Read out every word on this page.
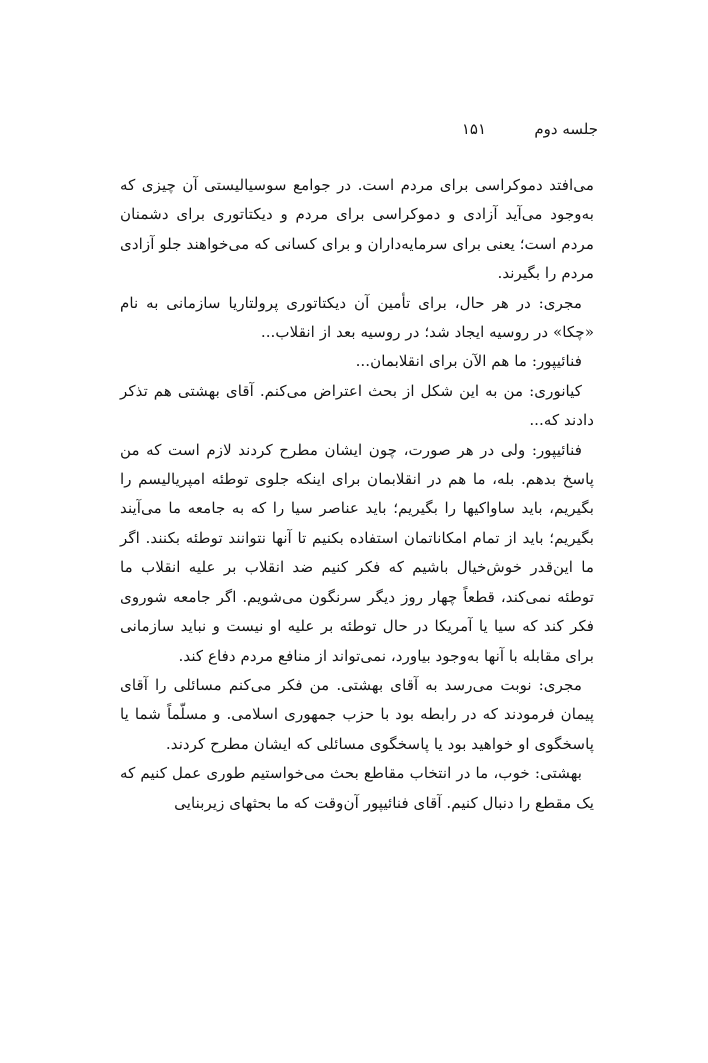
جلسه دوم
۱۵۱

می‌افتد دموکراسی برای مردم است. در جوامع سوسیالیستی آن چیزی که به‌وجود می‌آید آزادی و دموکراسی برای مردم و دیکتاتوری برای دشمنان مردم است؛ یعنی برای سرمایه‌داران و برای کسانی که می‌خواهند جلو آزادی مردم را بگیرند.

مجری: در هر حال، برای تأمین آن دیکتاتوری پرولتاریا سازمانی به نام «چکا» در روسیه ایجاد شد؛ در روسیه بعد از انقلاب...

فنائیپور: ما هم الآن برای انقلابمان...

کیانوری: من به این شکل از بحث اعتراض می‌کنم. آقای بهشتی هم تذکر دادند که...

فنائیپور: ولی در هر صورت، چون ایشان مطرح کردند لازم است که من پاسخ بدهم. بله، ما هم در انقلابمان برای اینکه جلوی توطئه امپریالیسم را بگیریم، باید ساواکیها را بگیریم؛ باید عناصر سیا را که به جامعه ما می‌آیند بگیریم؛ باید از تمام امکاناتمان استفاده بکنیم تا آنها نتوانند توطئه بکنند. اگر ما این‌قدر خوش‌خیال باشیم که فکر کنیم ضد انقلاب بر علیه انقلاب ما توطئه نمی‌کند، قطعاً چهار روز دیگر سرنگون می‌شویم. اگر جامعه شوروی فکر کند که سیا یا آمریکا در حال توطئه بر علیه او نیست و نباید سازمانی برای مقابله با آنها به‌وجود بیاورد، نمی‌تواند از منافع مردم دفاع کند.

مجری: نوبت می‌رسد به آقای بهشتی. من فکر می‌کنم مسائلی را آقای پیمان فرمودند که در رابطه بود با حزب جمهوری اسلامی. و مسلّماً شما یا پاسخگوی او خواهید بود یا پاسخگوی مسائلی که ایشان مطرح کردند.

بهشتی: خوب، ما در انتخاب مقاطع بحث می‌خواستیم طوری عمل کنیم که یک مقطع را دنبال کنیم. آقای فنائیپور آن‌وقت که ما بحثهای زیربنایی
